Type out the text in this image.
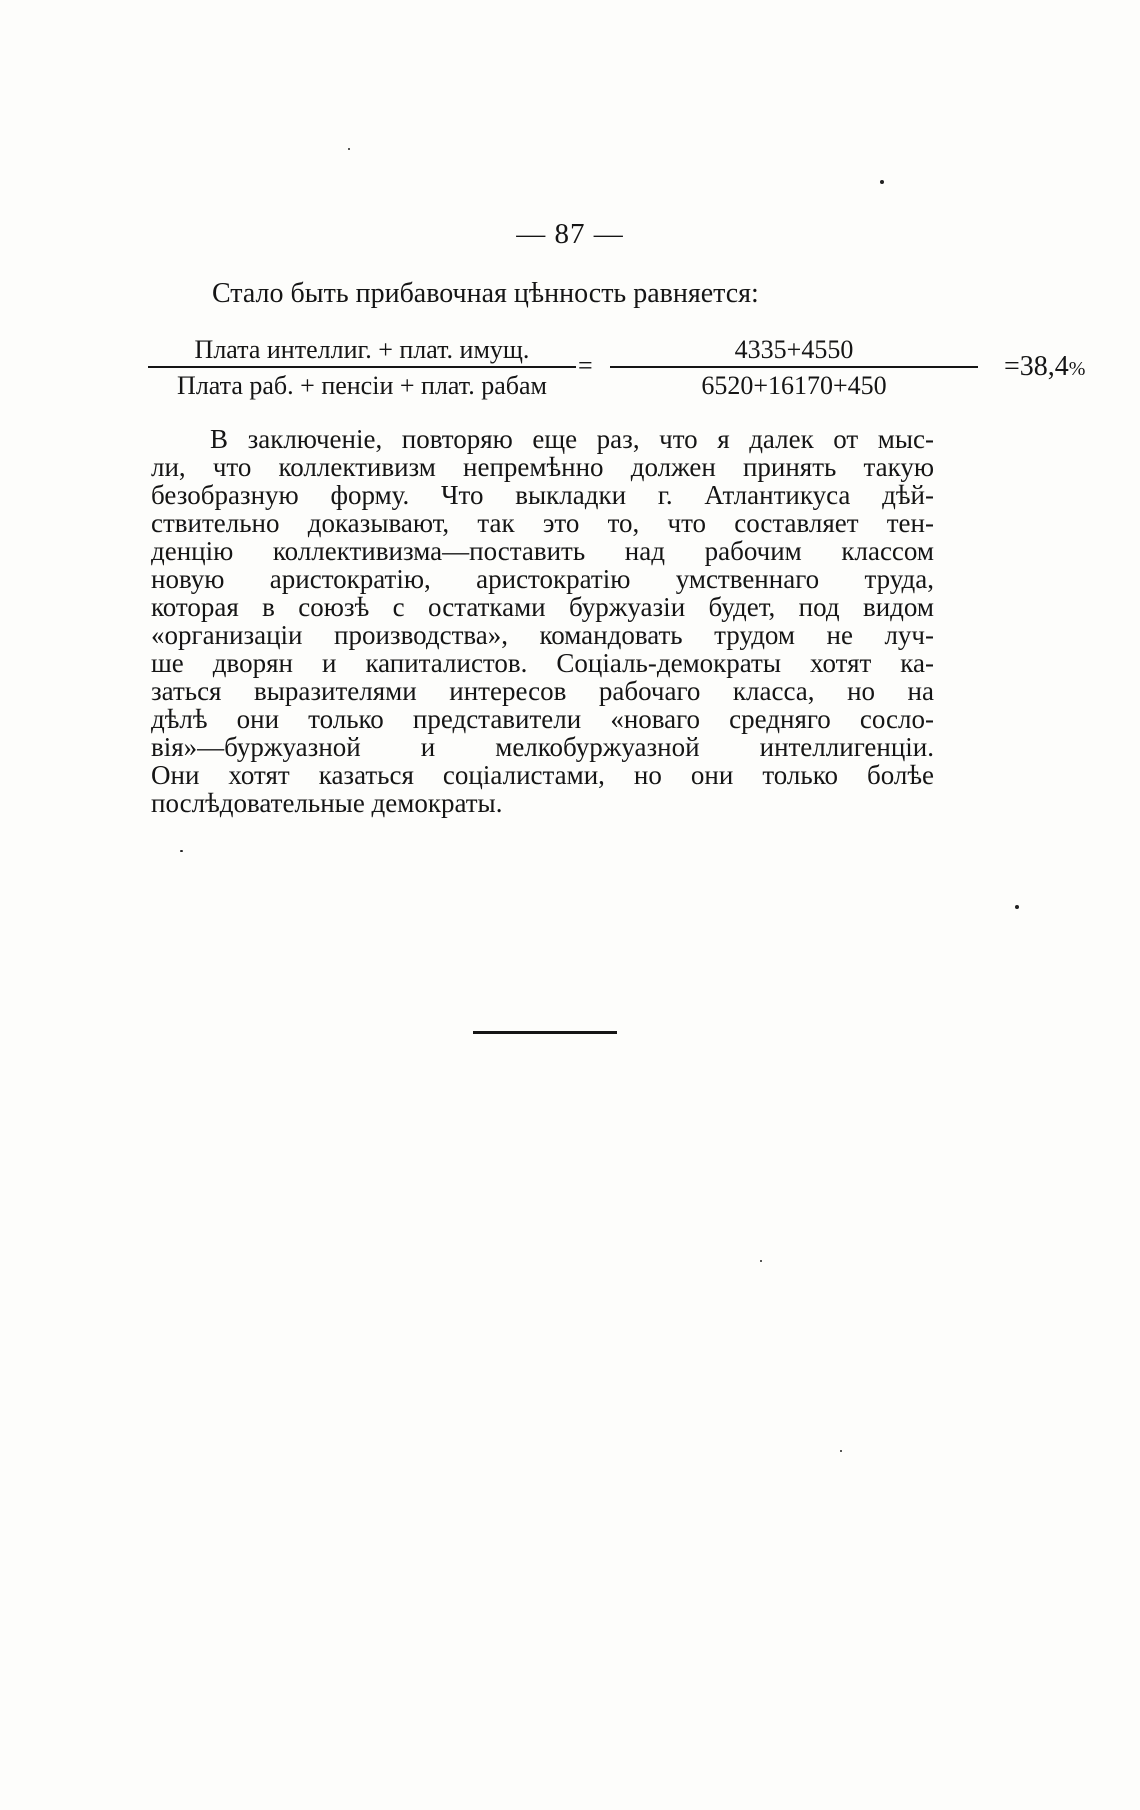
— 87 —
Стало быть прибавочная цѣнность равняется:
Плата интеллиг. + плат. имущ.
Плата раб. + пенсіи + плат. рабам
=
4335+4550
6520+16170+450
=38,4%
В заключеніе, повторяю еще раз, что я далек от мыс-
ли, что коллективизм непремѣнно должен принять такую
безобразную форму. Что выкладки г. Атлантикуса дѣй-
ствительно доказывают, так это то, что составляет тен-
денцію коллективизма—поставить над рабочим классом
новую аристократію, аристократію умственнаго труда,
которая в союзѣ с остатками буржуазіи будет, под видом
«организаціи производства», командовать трудом не луч-
ше дворян и капиталистов. Соціаль-демократы хотят ка-
заться выразителями интересов рабочаго класса, но на
дѣлѣ они только представители «новаго средняго сосло-
вія»—буржуазной и мелкобуржуазной интеллигенціи.
Они хотят казаться соціалистами, но они только болѣе
послѣдовательные демократы.
